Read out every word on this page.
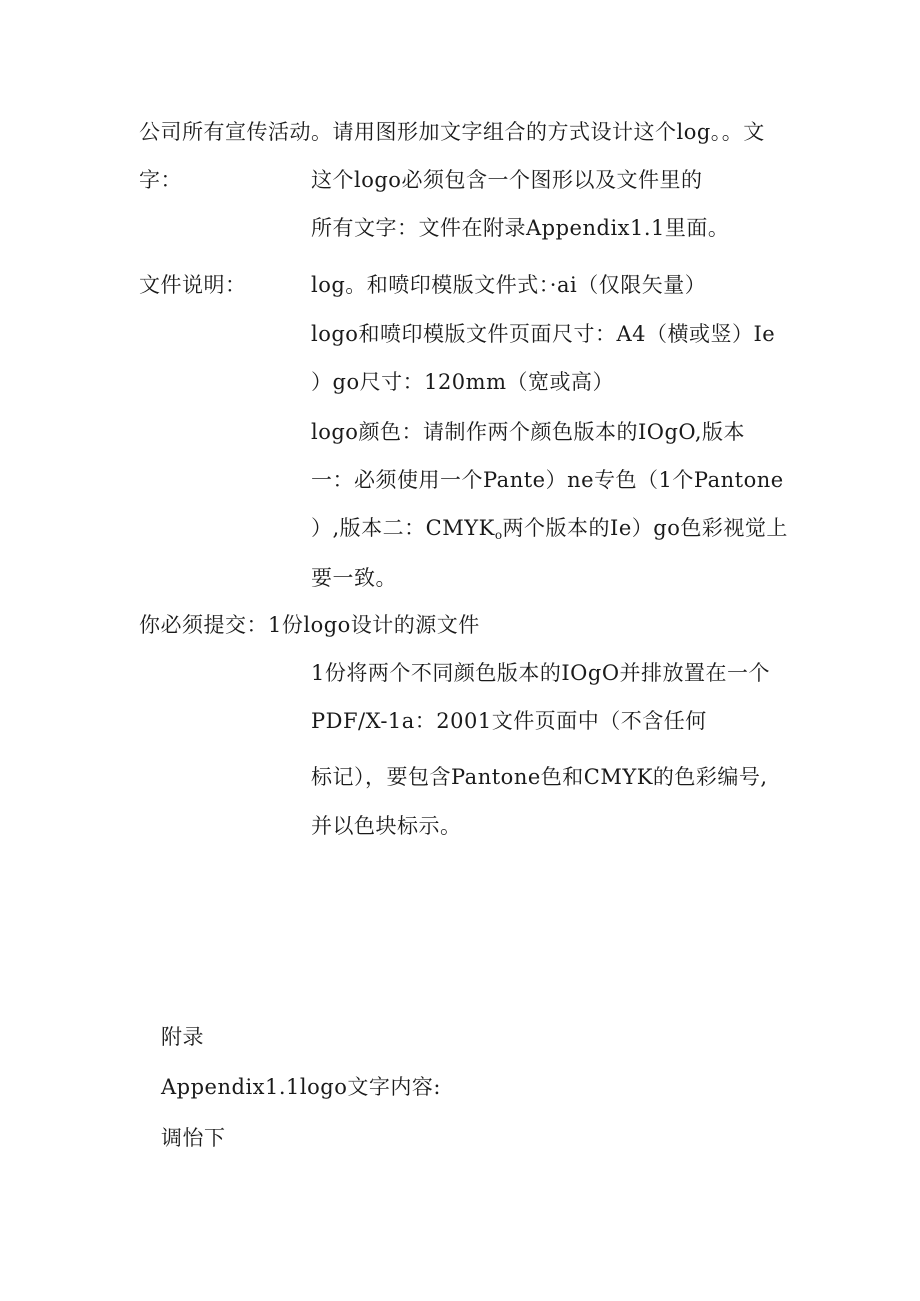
公司所有宣传活动。请用图形加文字组合的方式设计这个log。。文
字：	这个logo必须包含一个图形以及文件里的
所有文字：文件在附录Appendix1.1里面。
文件说明：	log。和喷印模版文件式：·ai（仅限矢量）
logo和喷印模版文件页面尺寸：A4（横或竖）Ie
）go尺寸：120mm（宽或高）
logo颜色：请制作两个颜色版本的IOgO,版本
一：必须使用一个Pante）ne专色（1个Pantone
）,版本二：$CMYK_o$两个版本的Ie）go色彩视觉上
要一致。
你必须提交：1份logo设计的源文件
1份将两个不同颜色版本的IOgO并排放置在一个
PDF/X-1a：2001文件页面中（不含任何
标记），要包含Pantone色和CMYK的色彩编号,
并以色块标示。
附录
Appendix1.1logo文字内容:
调怡下
